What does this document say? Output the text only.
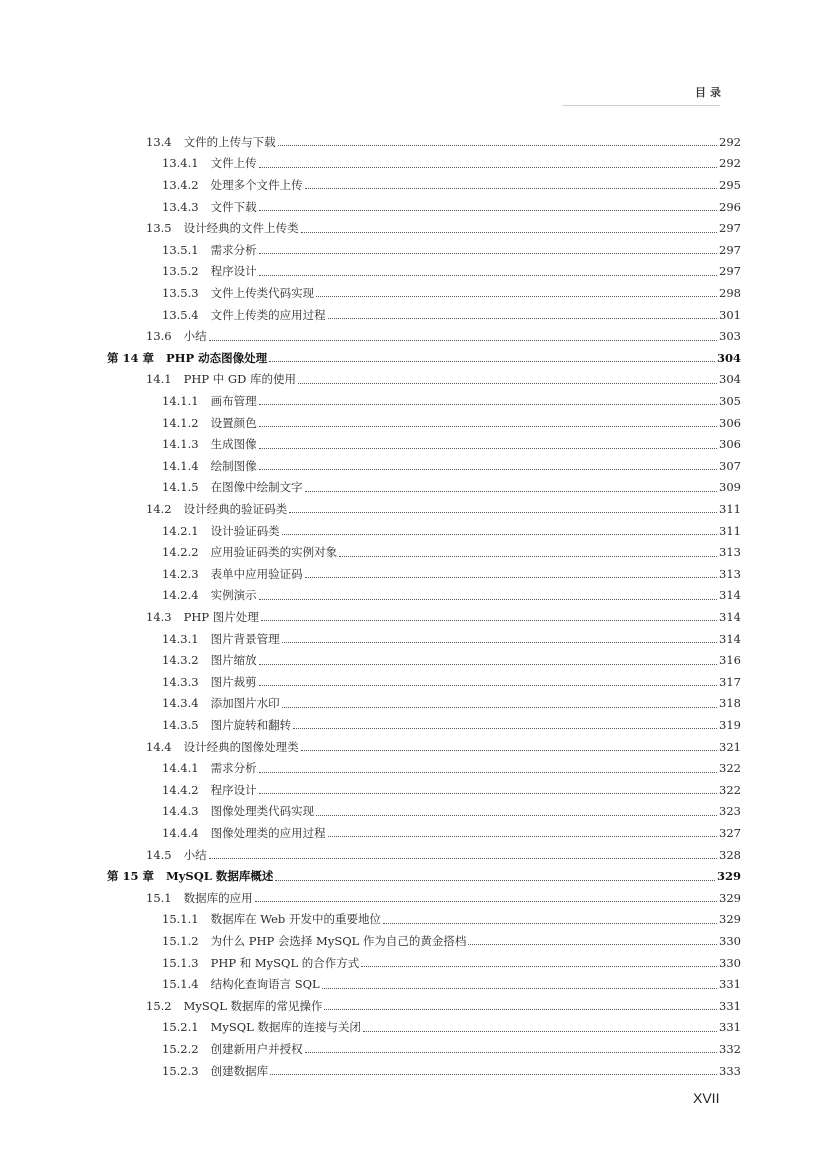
目录
13.4	文件的上传与下载	292
13.4.1	文件上传	292
13.4.2	处理多个文件上传	295
13.4.3	文件下载	296
13.5	设计经典的文件上传类	297
13.5.1	需求分析	297
13.5.2	程序设计	297
13.5.3	文件上传类代码实现	298
13.5.4	文件上传类的应用过程	301
13.6	小结	303
第 14 章	PHP 动态图像处理	304
14.1	PHP 中 GD 库的使用	304
14.1.1	画布管理	305
14.1.2	设置颜色	306
14.1.3	生成图像	306
14.1.4	绘制图像	307
14.1.5	在图像中绘制文字	309
14.2	设计经典的验证码类	311
14.2.1	设计验证码类	311
14.2.2	应用验证码类的实例对象	313
14.2.3	表单中应用验证码	313
14.2.4	实例演示	314
14.3	PHP 图片处理	314
14.3.1	图片背景管理	314
14.3.2	图片缩放	316
14.3.3	图片裁剪	317
14.3.4	添加图片水印	318
14.3.5	图片旋转和翻转	319
14.4	设计经典的图像处理类	321
14.4.1	需求分析	322
14.4.2	程序设计	322
14.4.3	图像处理类代码实现	323
14.4.4	图像处理类的应用过程	327
14.5	小结	328
第 15 章	MySQL 数据库概述	329
15.1	数据库的应用	329
15.1.1	数据库在 Web 开发中的重要地位	329
15.1.2	为什么 PHP 会选择 MySQL 作为自己的黄金搭档	330
15.1.3	PHP 和 MySQL 的合作方式	330
15.1.4	结构化查询语言 SQL	331
15.2	MySQL 数据库的常见操作	331
15.2.1	MySQL 数据库的连接与关闭	331
15.2.2	创建新用户并授权	332
15.2.3	创建数据库	333
XVII
